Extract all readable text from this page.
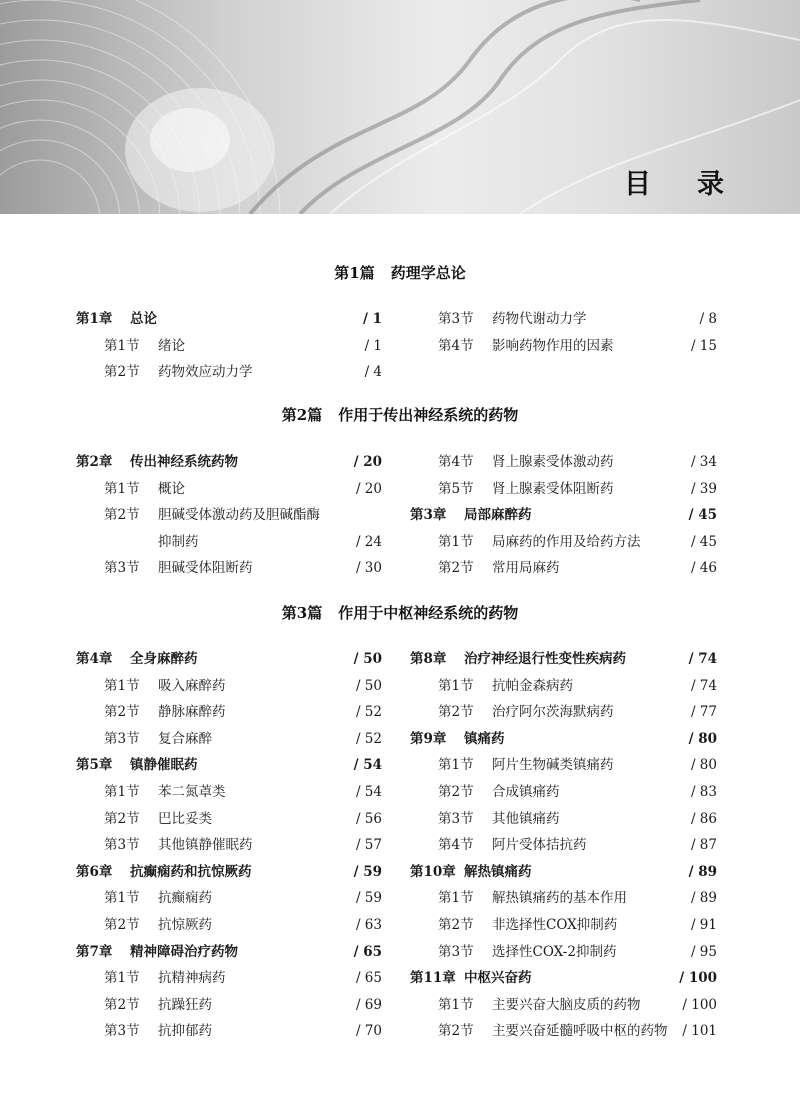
目录
第1篇 药理学总论
第1章 总论	/ 1
第1节 绪论	/ 1
第2节 药物效应动力学	/ 4
第3节 药物代谢动力学	/ 8
第4节 影响药物作用的因素	/ 15
第2篇 作用于传出神经系统的药物
第2章 传出神经系统药物	/ 20
第1节 概论	/ 20
第2节 胆碱受体激动药及胆碱酯酶
抑制药	/ 24
第3节 胆碱受体阻断药	/ 30
第4节 肾上腺素受体激动药	/ 34
第5节 肾上腺素受体阻断药	/ 39
第3章 局部麻醉药	/ 45
第1节 局麻药的作用及给药方法	/ 45
第2节 常用局麻药	/ 46
第3篇 作用于中枢神经系统的药物
第4章 全身麻醉药	/ 50
第1节 吸入麻醉药	/ 50
第2节 静脉麻醉药	/ 52
第3节 复合麻醉	/ 52
第5章 镇静催眠药	/ 54
第1节 苯二氮䓬类	/ 54
第2节 巴比妥类	/ 56
第3节 其他镇静催眠药	/ 57
第6章 抗癫痫药和抗惊厥药	/ 59
第1节 抗癫痫药	/ 59
第2节 抗惊厥药	/ 63
第7章 精神障碍治疗药物	/ 65
第1节 抗精神病药	/ 65
第2节 抗躁狂药	/ 69
第3节 抗抑郁药	/ 70
第8章 治疗神经退行性变性疾病药	/ 74
第1节 抗帕金森病药	/ 74
第2节 治疗阿尔茨海默病药	/ 77
第9章 镇痛药	/ 80
第1节 阿片生物碱类镇痛药	/ 80
第2节 合成镇痛药	/ 83
第3节 其他镇痛药	/ 86
第4节 阿片受体拮抗药	/ 87
第10章 解热镇痛药	/ 89
第1节 解热镇痛药的基本作用	/ 89
第2节 非选择性COX抑制药	/ 91
第3节 选择性COX-2抑制药	/ 95
第11章 中枢兴奋药	/ 100
第1节 主要兴奋大脑皮质的药物	/ 100
第2节 主要兴奋延髓呼吸中枢的药物 / 101
